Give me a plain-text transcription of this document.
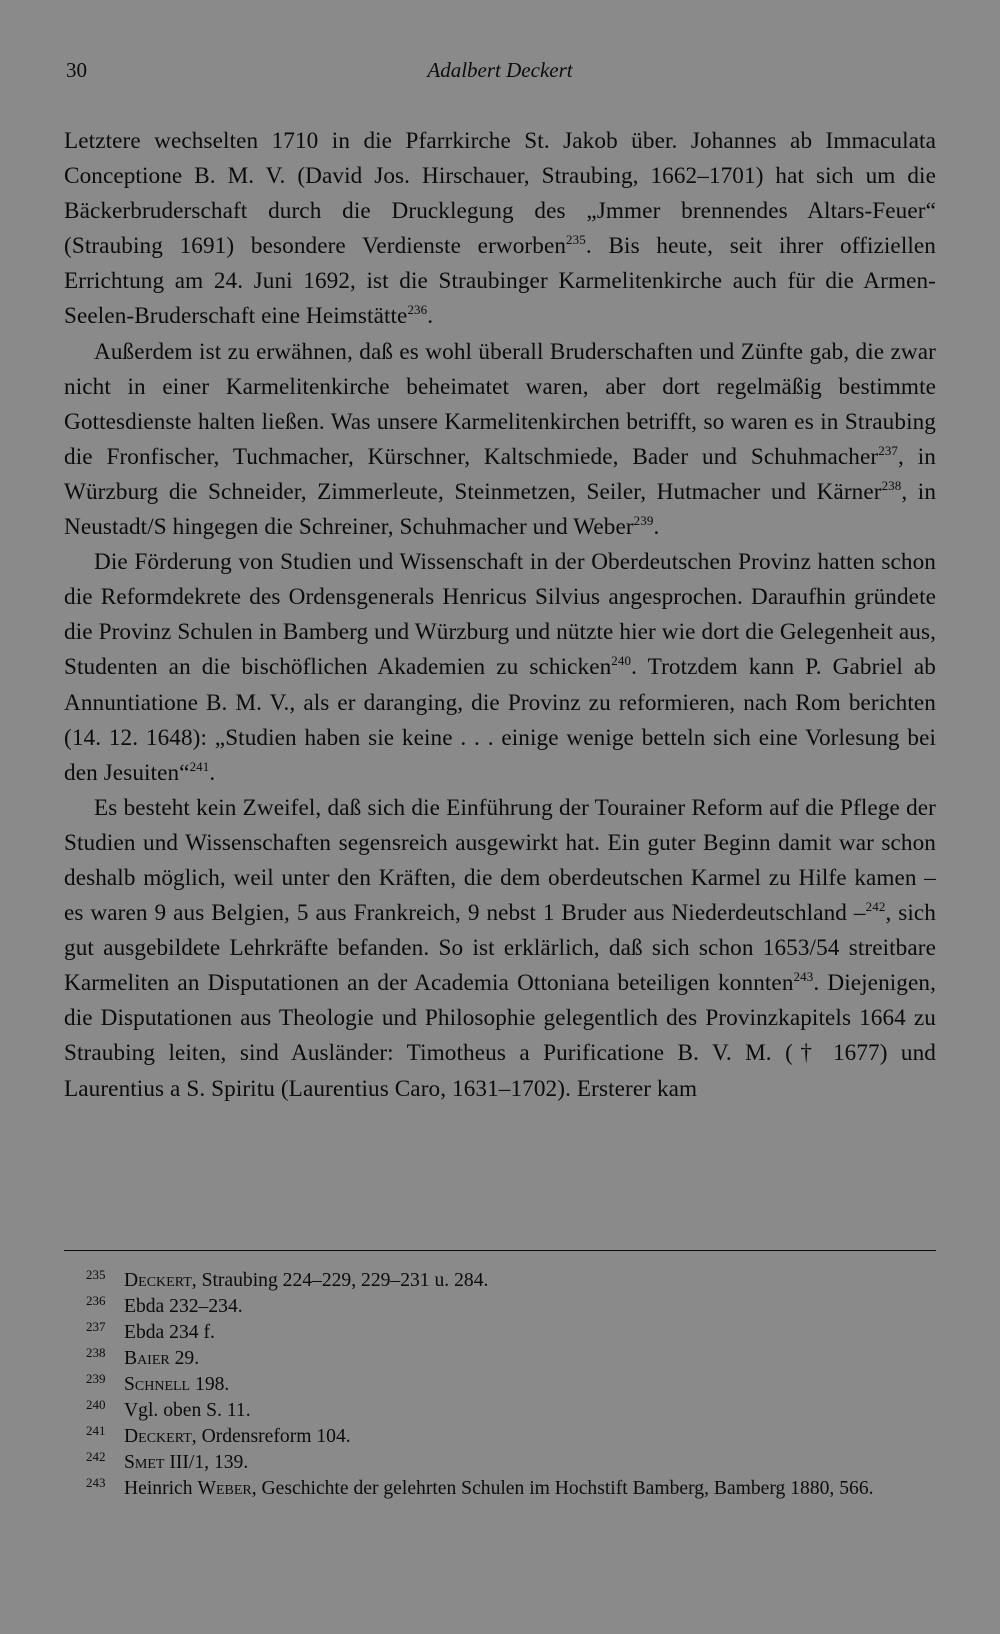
30	Adalbert Deckert

Letztere wechselten 1710 in die Pfarrkirche St. Jakob über. Johannes ab Immaculata Conceptione B. M. V. (David Jos. Hirschauer, Straubing, 1662–1701) hat sich um die Bäckerbruderschaft durch die Drucklegung des „Jmmer brennendes Altars-Feuer“ (Straubing 1691) besondere Verdienste erworben$^{235}$. Bis heute, seit ihrer offiziellen Errichtung am 24. Juni 1692, ist die Straubinger Karmelitenkirche auch für die Armen-Seelen-Bruderschaft eine Heimstätte$^{236}$.

Außerdem ist zu erwähnen, daß es wohl überall Bruderschaften und Zünfte gab, die zwar nicht in einer Karmelitenkirche beheimatet waren, aber dort regelmäßig bestimmte Gottesdienste halten ließen. Was unsere Karmelitenkirchen betrifft, so waren es in Straubing die Fronfischer, Tuchmacher, Kürschner, Kaltschmiede, Bader und Schuhmacher$^{237}$, in Würzburg die Schneider, Zimmerleute, Steinmetzen, Seiler, Hutmacher und Kärner$^{238}$, in Neustadt/S hingegen die Schreiner, Schuhmacher und Weber$^{239}$.

Die Förderung von Studien und Wissenschaft in der Oberdeutschen Provinz hatten schon die Reformdekrete des Ordensgenerals Henricus Silvius angesprochen. Daraufhin gründete die Provinz Schulen in Bamberg und Würzburg und nützte hier wie dort die Gelegenheit aus, Studenten an die bischöflichen Akademien zu schicken$^{240}$. Trotzdem kann P. Gabriel ab Annuntiatione B. M. V., als er daranging, die Provinz zu reformieren, nach Rom berichten (14. 12. 1648): „Studien haben sie keine . . . einige wenige betteln sich eine Vorlesung bei den Jesuiten“$^{241}$.

Es besteht kein Zweifel, daß sich die Einführung der Tourainer Reform auf die Pflege der Studien und Wissenschaften segensreich ausgewirkt hat. Ein guter Beginn damit war schon deshalb möglich, weil unter den Kräften, die dem oberdeutschen Karmel zu Hilfe kamen – es waren 9 aus Belgien, 5 aus Frankreich, 9 nebst 1 Bruder aus Niederdeutschland –$^{242}$, sich gut ausgebildete Lehrkräfte befanden. So ist erklärlich, daß sich schon 1653/54 streitbare Karmeliten an Disputationen an der Academia Ottoniana beteiligen konnten$^{243}$. Diejenigen, die Disputationen aus Theologie und Philosophie gelegentlich des Provinzkapitels 1664 zu Straubing leiten, sind Ausländer: Timotheus a Purificatione B. V. M. († 1677) und Laurentius a S. Spiritu (Laurentius Caro, 1631–1702). Ersterer kam

235 Deckert, Straubing 224–229, 229–231 u. 284.

236 Ebda 232–234.

237 Ebda 234 f.

238 Baier 29.

239 Schnell 198.

240 Vgl. oben S. 11.

241 Deckert, Ordensreform 104.

242 Smet III/1, 139.

243 Heinrich Weber, Geschichte der gelehrten Schulen im Hochstift Bamberg, Bamberg 1880, 566.
